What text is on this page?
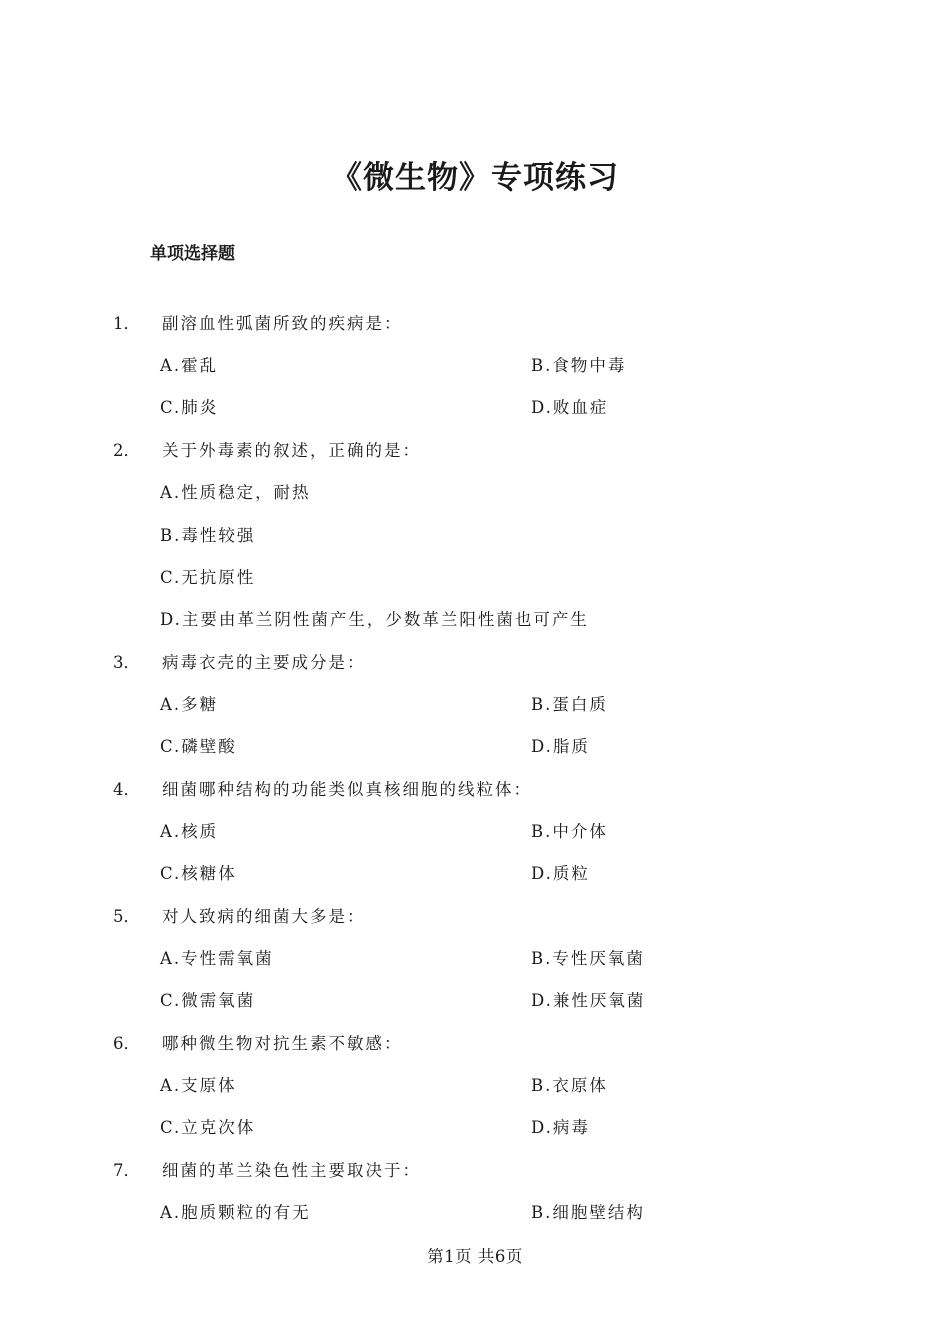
《微生物》专项练习
单项选择题
1． 副溶血性弧菌所致的疾病是：
A.霍乱	B.食物中毒
C.肺炎	D.败血症
2． 关于外毒素的叙述，正确的是：
A.性质稳定，耐热
B.毒性较强
C.无抗原性
D.主要由革兰阴性菌产生，少数革兰阳性菌也可产生
3． 病毒衣壳的主要成分是：
A.多糖	B.蛋白质
C.磷壁酸	D.脂质
4． 细菌哪种结构的功能类似真核细胞的线粒体：
A.核质	B.中介体
C.核糖体	D.质粒
5． 对人致病的细菌大多是：
A.专性需氧菌	B.专性厌氧菌
C.微需氧菌	D.兼性厌氧菌
6． 哪种微生物对抗生素不敏感：
A.支原体	B.衣原体
C.立克次体	D.病毒
7． 细菌的革兰染色性主要取决于：
A.胞质颗粒的有无	B.细胞壁结构
第1页 共6页
